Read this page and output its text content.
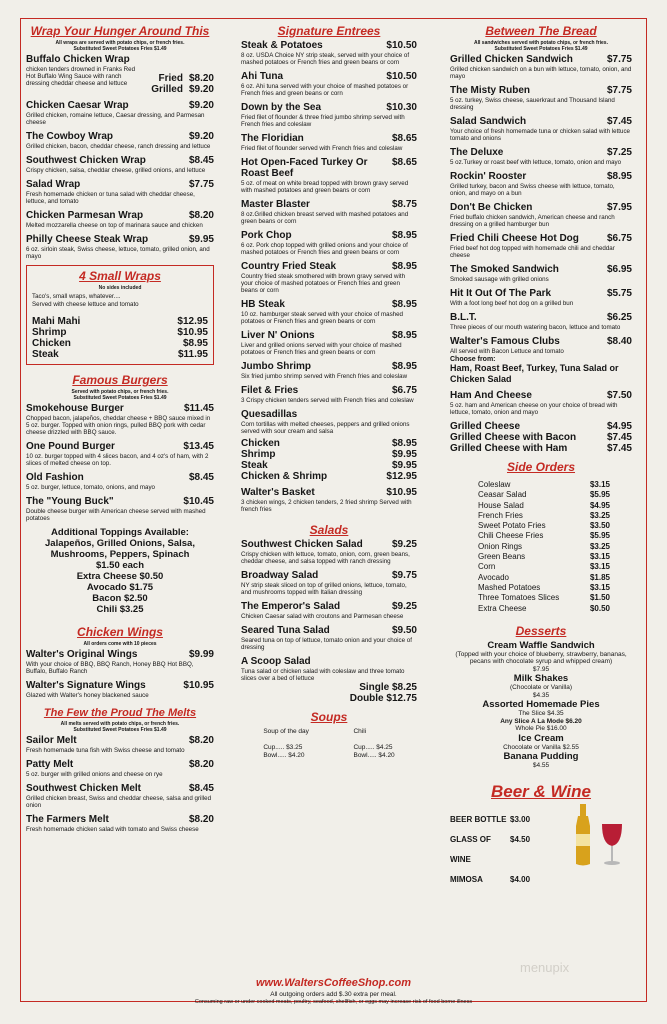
Wrap Your Hunger Around This
All wraps are served with potato chips, or french fries.
Substituted Sweet Potatoes Fries $1.49
Buffalo Chicken Wrap
chicken tenders drowned in Franks Red Hot Buffalo Wing Sauce with ranch dressing cheddar cheese and lettuce	Fried $8.20
Grilled $9.20
Chicken Caesar Wrap	$9.20
Grilled chicken, romaine lettuce, Caesar dressing, and Parmesan cheese
The Cowboy Wrap	$9.20
Grilled chicken, bacon, cheddar cheese, ranch dressing and lettuce
Southwest Chicken Wrap	$8.45
Crispy chicken, salsa, cheddar cheese, grilled onions, and lettuce
Salad Wrap	$7.75
Fresh homemade chicken or tuna salad with cheddar cheese, lettuce, and tomato
Chicken Parmesan Wrap	$8.20
Melted mozzarella cheese on top of marinara sauce and chicken
Philly Cheese Steak Wrap	$9.95
6 oz. sirloin steak, Swiss cheese, lettuce, tomato, grilled onion, and mayo
4 Small Wraps
No sides included
Taco's, small wraps, whatever....
Served with cheese lettuce and tomato
Mahi Mahi	$12.95
Shrimp	$10.95
Chicken	$8.95
Steak	$11.95
Famous Burgers
Served with potato chips, or french fries.
Substituted Sweet Potatoes Fries $1.49
Smokehouse Burger	$11.45
Chopped bacon, jalapeños, cheddar cheese + BBQ sauce mixed in 5 oz. burger. Topped with onion rings, pulled BBQ pork with cedar cheese drizzled with BBQ sauce.
One Pound Burger	$13.45
10 oz. burger topped with 4 slices bacon, and 4 oz's of ham, with 2 slices of melted cheese on top.
Old Fashion	$8.45
5 oz. burger, lettuce, tomato, onions, and mayo
The "Young Buck"	$10.45
Double cheese burger with American cheese served with mashed potatoes
Additional Toppings Available:
Jalapeños, Grilled Onions, Salsa, Mushrooms, Peppers, Spinach
$1.50 each
Extra Cheese $0.50
Avocado $1.75
Bacon $2.50
Chili $3.25
Chicken Wings
All orders come with 10 pieces
Walter's Original Wings	$9.99
With your choice of BBQ, BBQ Ranch, Honey BBQ Hot BBQ, Buffalo, Buffalo Ranch
Walter's Signature Wings	$10.95
Glazed with Walter's honey blackened sauce
The Few the Proud The Melts
All melts served with potato chips, or french fries.
Substituted Sweet Potatoes Fries $1.49
Sailor Melt	$8.20
Fresh homemade tuna fish with Swiss cheese and tomato
Patty Melt	$8.20
5 oz. burger with grilled onions and cheese on rye
Southwest Chicken Melt	$8.45
Grilled chicken breast, Swiss and cheddar cheese, salsa and grilled onion
The Farmers Melt	$8.20
Fresh homemade chicken salad with tomato and Swiss cheese
Signature Entrees
Steak & Potatoes	$10.50
8 oz. USDA Choice NY strip steak, served with your choice of mashed potatoes or French fries and green beans or corn
Ahi Tuna	$10.50
6 oz. Ahi tuna served with your choice of mashed potatoes or French fries and green beans or corn
Down by the Sea	$10.30
Fried filet of flounder & three fried jumbo shrimp served with French fries and coleslaw
The Floridian	$8.65
Fried filet of flounder served with French fries and coleslaw
Hot Open-Faced Turkey Or Roast Beef
$8.65
5 oz. of meat on white bread topped with brown gravy served with mashed potatoes and green beans or corn
Master Blaster	$8.75
8 oz.Grilled chicken breast served with mashed potatoes and green beans or corn
Pork Chop	$8.95
6 oz. Pork chop topped with grilled onions and your choice of mashed potatoes or French fries and green beans or corn
Country Fried Steak	$8.95
Country fried steak smothered with brown gravy served with your choice of mashed potatoes or French fries and green beans or corn
HB Steak	$8.95
10 oz. hamburger steak served with your choice of mashed potatoes or French fries and green beans or corn
Liver N' Onions	$8.95
Liver and grilled onions served with your choice of mashed potatoes or French fries and green beans or corn
Jumbo Shrimp	$8.95
Six fried jumbo shrimp served with French fries and coleslaw
Filet & Fries	$6.75
3 Crispy chicken tenders served with French fries and coleslaw
Quesadillas
Corn tortillas with melted cheeses, peppers and grilled onions served with sour cream and salsa
Chicken	$8.95
Shrimp	$9.95
Steak	$9.95
Chicken & Shrimp	$12.95
Walter's Basket	$10.95
3 chicken wings, 2 chicken tenders, 2 fried shrimp Served with french fries
Salads
Southwest Chicken Salad	$9.25
Crispy chicken with lettuce, tomato, onion, corn, green beans, cheddar cheese, and salsa topped with ranch dressing
Broadway Salad	$9.75
NY strip steak sliced on top of grilled onions, lettuce, tomato, and mushrooms topped with Italian dressing
The Emperor's Salad	$9.25
Chicken Caesar salad with croutons and Parmesan cheese
Seared Tuna Salad	$9.50
Seared tuna on top of lettuce, tomato onion and your choice of dressing
A Scoop Salad
Tuna salad or chicken salad with coleslaw and three tomato slices over a bed of lettuce
Single $8.25
Double $12.75
Soups
Soup of the day

Cup..... $3.25
Bowl..... $4.20
Chili

Cup..... $4.25
Bowl..... $4.20
Between The Bread
All sandwiches served with potato chips, or french fries.
Substituted Sweet Potatoes Fries $1.49
Grilled Chicken Sandwich	$7.75
Grilled chicken sandwich on a bun with lettuce, tomato, onion, and mayo
The Misty Ruben	$7.75
5 oz. turkey, Swiss cheese, sauerkraut and Thousand Island dressing
Salad Sandwich	$7.45
Your choice of fresh homemade tuna or chicken salad with lettuce tomato and onions
The Deluxe	$7.25
5 oz.Turkey or roast beef with lettuce, tomato, onion and mayo
Rockin' Rooster	$8.95
Grilled turkey, bacon and Swiss cheese with lettuce, tomato, onion, and mayo on a bun
Don't Be Chicken	$7.95
Fried buffalo chicken sandwich, American cheese and ranch dressing on a grilled hamburger bun
Fried Chili Cheese Hot Dog	$6.75
Fried beef hot dog topped with homemade chili and cheddar cheese
The Smoked Sandwich	$6.95
Smoked sausage with grilled onions
Hit It Out Of The Park	$5.75
With a foot long beef hot dog on a grilled bun
B.L.T.	$6.25
Three pieces of our mouth watering bacon, lettuce and tomato
Walter's Famous Clubs	$8.40
All served with Bacon Lettuce and tomato
Choose from:
Ham, Roast Beef, Turkey, Tuna Salad or Chicken Salad
Ham And Cheese	$7.50
5 oz. ham and American cheese on your choice of bread with lettuce, tomato, onion and mayo
Grilled Cheese	$4.95
Grilled Cheese with Bacon	$7.45
Grilled Cheese with Ham	$7.45
Side Orders
Coleslaw	$3.15
Ceasar Salad	$5.95
House Salad	$4.95
French Fries	$3.25
Sweet Potato Fries	$3.50
Chili Cheese Fries	$5.95
Onion Rings	$3.25
Green Beans	$3.15
Corn	$3.15
Avocado	$1.85
Mashed Potatoes	$3.15
Three Tomatoes Slices	$1.50
Extra Cheese	$0.50
Desserts
Cream Waffle Sandwich
(Topped with your choice of blueberry, strawberry, bananas, pecans with chocolate syrup and whipped cream)
$7.95
Milk Shakes
(Chocolate or Vanilla)
$4.35
Assorted Homemade Pies
The Slice $4.35
Any Slice A La Mode $6.20
Whole Pie $16.00
Ice Cream
Chocolate or Vanilla $2.55
Banana Pudding
$4.55
Beer & Wine
BEER BOTTLE $3.00
GLASS OF WINE
$4.50
MIMOSA	$4.00
menupix
www.WaltersCoffeeShop.com
All outgoing orders add $.30 extra per meal.
Consuming raw or under cooked meats, poultry, seafood, shellfish, or eggs may increase risk of food borne illness
